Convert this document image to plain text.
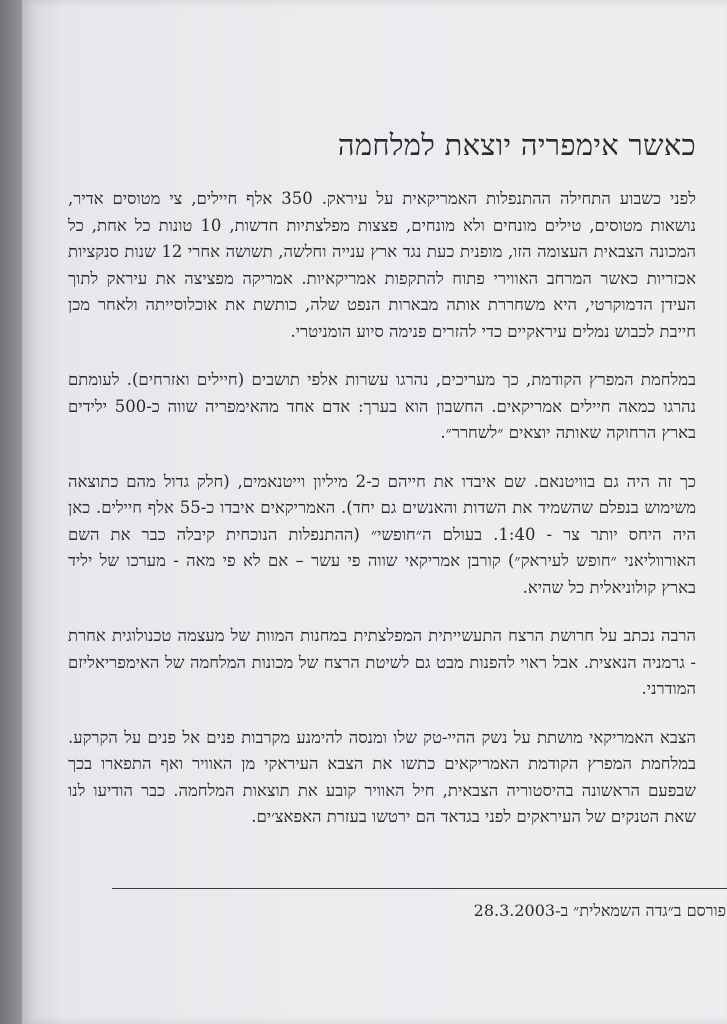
כאשר אימפריה יוצאת למלחמה

לפני כשבוע התחילה ההתנפלות האמריקאית על עיראק. 350 אלף חיילים, צי מטוסים אדיר, נושאות מטוסים, טילים מונחים ולא מונחים, פצצות מפלצתיות חדשות, 10 טונות כל אחת, כל המכונה הצבאית העצומה הזו, מופנית כעת נגד ארץ ענייה וחלשה, תשושה אחרי 12 שנות סנקציות אכזריות כאשר המרחב האווירי פתוח להתקפות אמריקאיות. אמריקה מפציצה את עיראק לתוך העידן הדמוקרטי, היא משחררת אותה מבארות הנפט שלה, כותשת את אוכלוסייתה ולאחר מכן חייבת לכבוש נמלים עיראקיים כדי להזרים פנימה סיוע הומניטרי.

במלחמת המפרץ הקודמת, כך מעריכים, נהרגו עשרות אלפי תושבים (חיילים ואזרחים). לעומתם נהרגו כמאה חיילים אמריקאים. החשבון הוא בערך: אדם אחד מהאימפריה שווה כ-500 ילידים בארץ הרחוקה שאותה יוצאים ״לשחרר״.

כך זה היה גם בוויטנאם. שם איבדו את חייהם כ-2 מיליון וייטנאמים, (חלק גדול מהם כתוצאה משימוש בנפלם שהשמיד את השדות והאנשים גם יחד). האמריקאים איבדו כ-55 אלף חיילים. כאן היה היחס יותר צר - 1:40. בעולם ה״חופשי״ (ההתנפלות הנוכחית קיבלה כבר את השם האורווליאני ״חופש לעיראק״) קורבן אמריקאי שווה פי עשר – אם לא פי מאה - מערכו של יליד בארץ קולוניאלית כל שהיא.

הרבה נכתב על חרושת הרצח התעשייתית המפלצתית במחנות המוות של מעצמה טכנולוגית אחרת - גרמניה הנאצית. אבל ראוי להפנות מבט גם לשיטת הרצח של מכונות המלחמה של האימפריאליזם המודרני.

הצבא האמריקאי מושתת על נשק ההיי-טק שלו ומנסה להימנע מקרבות פנים אל פנים על הקרקע. במלחמת המפרץ הקודמת האמריקאים כתשו את הצבא העיראקי מן האוויר ואף התפארו בכך שבפעם הראשונה בהיסטוריה הצבאית, חיל האוויר קובע את תוצאות המלחמה. כבר הודיעו לנו שאת הטנקים של העיראקים לפני בגדאד הם ירטשו בעזרת האפאצ׳ים.

פורסם ב״גדה השמאלית״ ב-28.3.2003
